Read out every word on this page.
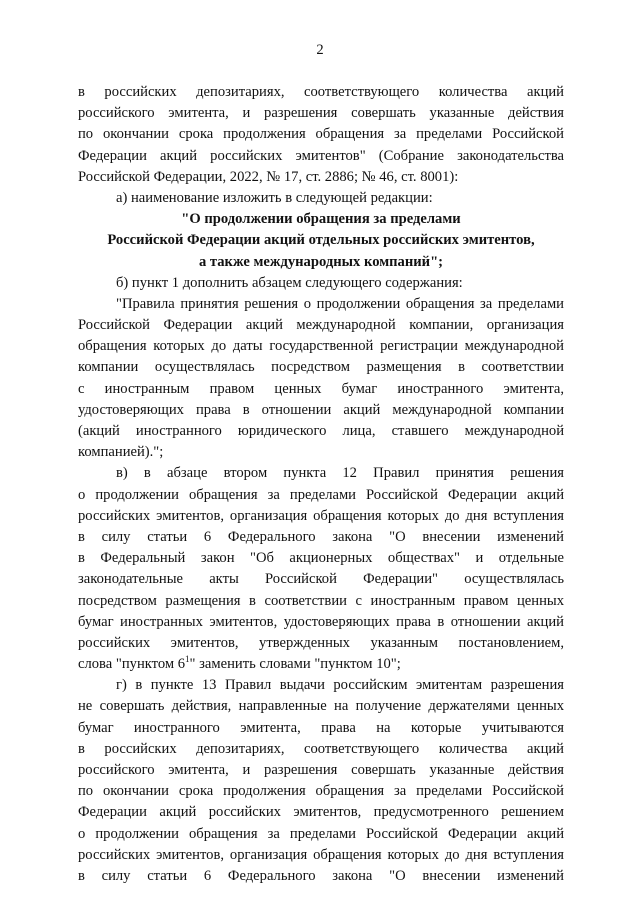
2
в российских депозитариях, соответствующего количества акций
российского эмитента, и разрешения совершать указанные действия
по окончании срока продолжения обращения за пределами Российской
Федерации акций российских эмитентов" (Собрание законодательства
Российской Федерации, 2022, № 17, ст. 2886; № 46, ст. 8001):
а) наименование изложить в следующей редакции:
"О продолжении обращения за пределами
Российской Федерации акций отдельных российских эмитентов,
а также международных компаний";
б) пункт 1 дополнить абзацем следующего содержания:
"Правила принятия решения о продолжении обращения за пределами
Российской Федерации акций международной компании, организация
обращения которых до даты государственной регистрации международной
компании осуществлялась посредством размещения в соответствии
с иностранным правом ценных бумаг иностранного эмитента,
удостоверяющих права в отношении акций международной компании
(акций иностранного юридического лица, ставшего международной
компанией).";
в) в абзаце втором пункта 12 Правил принятия решения
о продолжении обращения за пределами Российской Федерации акций
российских эмитентов, организация обращения которых до дня вступления
в силу статьи 6 Федерального закона "О внесении изменений
в Федеральный закон "Об акционерных обществах" и отдельные
законодательные акты Российской Федерации" осуществлялась
посредством размещения в соответствии с иностранным правом ценных
бумаг иностранных эмитентов, удостоверяющих права в отношении акций
российских эмитентов, утвержденных указанным постановлением,
слова "пунктом $6^1$" заменить словами "пунктом 10";
г) в пункте 13 Правил выдачи российским эмитентам разрешения
не совершать действия, направленные на получение держателями ценных
бумаг иностранного эмитента, права на которые учитываются
в российских депозитариях, соответствующего количества акций
российского эмитента, и разрешения совершать указанные действия
по окончании срока продолжения обращения за пределами Российской
Федерации акций российских эмитентов, предусмотренного решением
о продолжении обращения за пределами Российской Федерации акций
российских эмитентов, организация обращения которых до дня вступления
в силу статьи 6 Федерального закона "О внесении изменений
